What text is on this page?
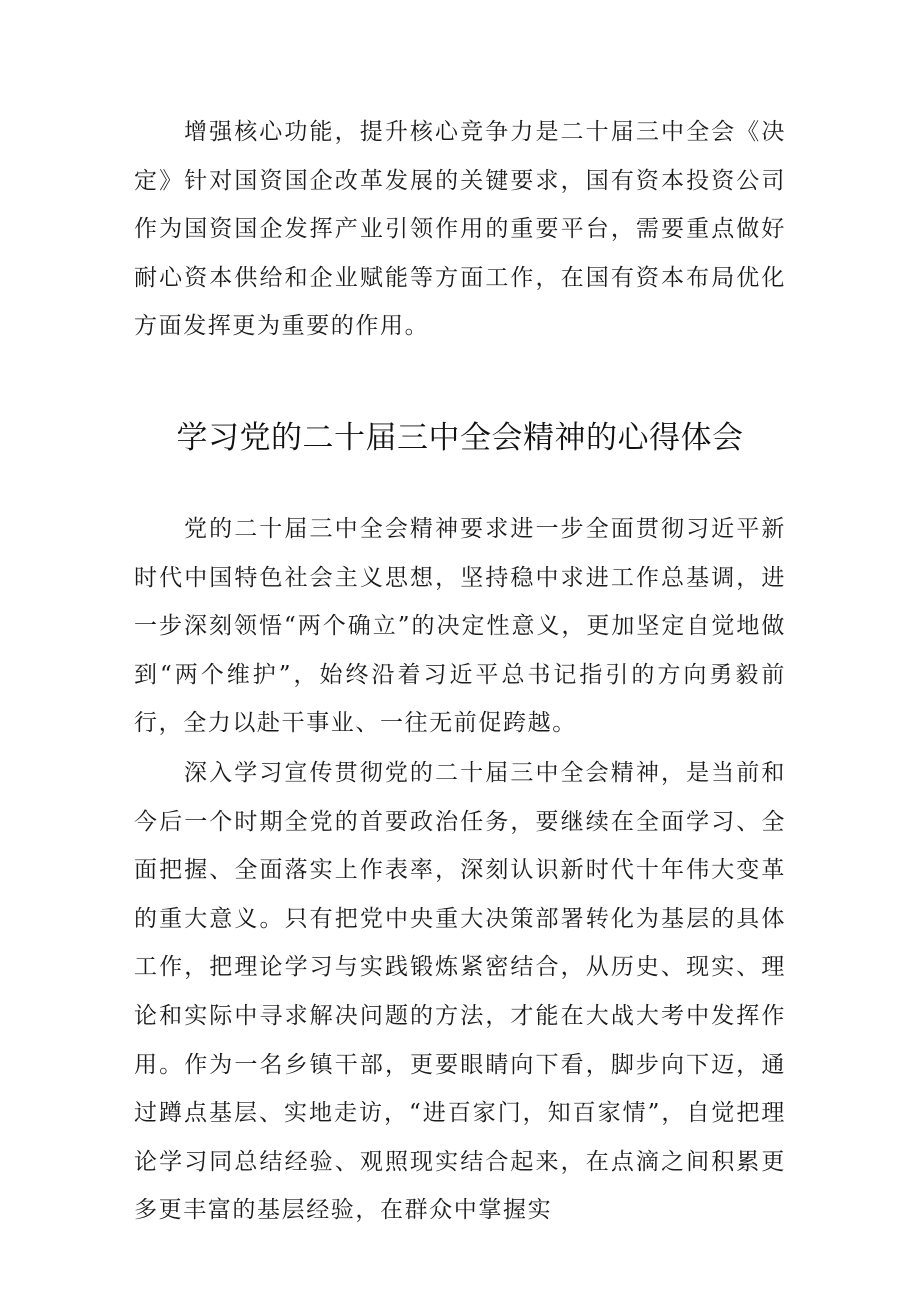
增强核心功能，提升核心竞争力是二十届三中全会《决定》针对国资国企改革发展的关键要求，国有资本投资公司作为国资国企发挥产业引领作用的重要平台，需要重点做好耐心资本供给和企业赋能等方面工作，在国有资本布局优化方面发挥更为重要的作用。

学习党的二十届三中全会精神的心得体会

党的二十届三中全会精神要求进一步全面贯彻习近平新时代中国特色社会主义思想，坚持稳中求进工作总基调，进一步深刻领悟“两个确立”的决定性意义，更加坚定自觉地做到“两个维护”，始终沿着习近平总书记指引的方向勇毅前行，全力以赴干事业、一往无前促跨越。

深入学习宣传贯彻党的二十届三中全会精神，是当前和今后一个时期全党的首要政治任务，要继续在全面学习、全面把握、全面落实上作表率，深刻认识新时代十年伟大变革的重大意义。只有把党中央重大决策部署转化为基层的具体工作，把理论学习与实践锻炼紧密结合，从历史、现实、理论和实际中寻求解决问题的方法，才能在大战大考中发挥作用。作为一名乡镇干部，更要眼睛向下看，脚步向下迈，通过蹲点基层、实地走访，“进百家门，知百家情”，自觉把理论学习同总结经验、观照现实结合起来，在点滴之间积累更多更丰富的基层经验，在群众中掌握实
